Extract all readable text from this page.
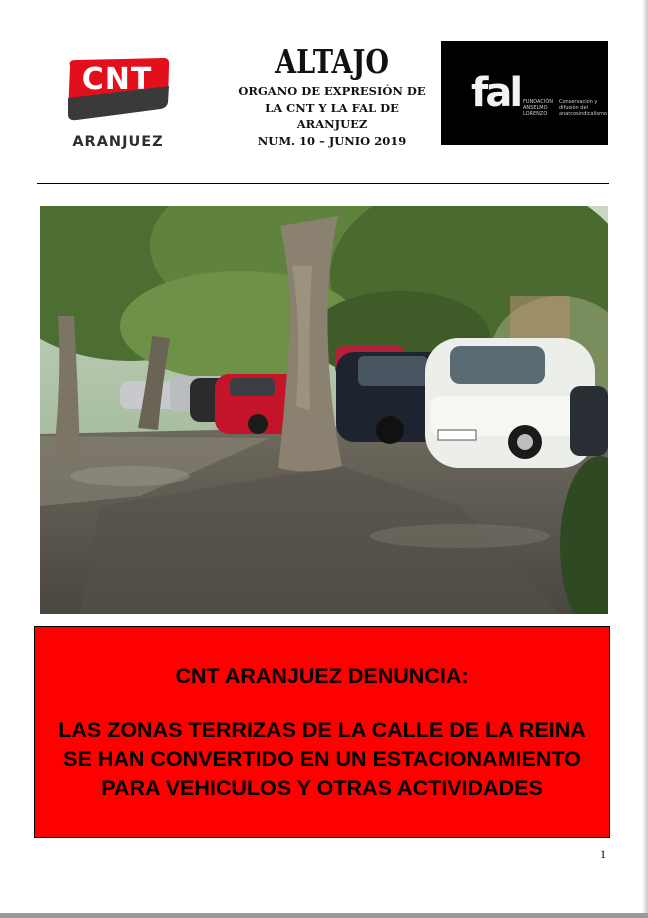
CNT
ARANJUEZ
ALTAJO
ORGANO DE EXPRESIÓN DE
LA CNT Y LA FAL DE
ARANJUEZ
NUM. 10 – JUNIO 2019
fal FUNDACIÓN ANSELMO LORENZO
Conservación y difusión del anarcosindicalismo
CNT ARANJUEZ DENUNCIA:
LAS ZONAS TERRIZAS DE LA CALLE DE LA REINA
SE HAN CONVERTIDO EN UN ESTACIONAMIENTO
PARA VEHICULOS Y OTRAS ACTIVIDADES
1
